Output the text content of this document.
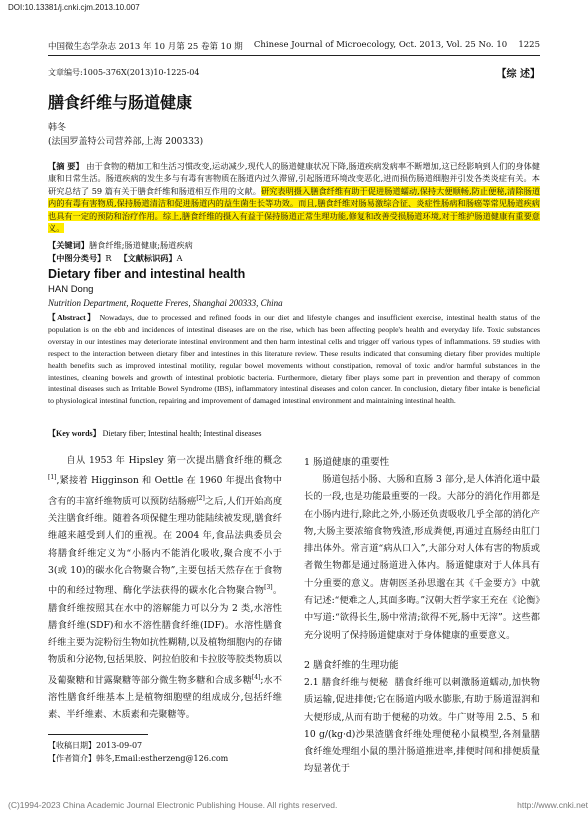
DOI:10.13381/j.cnki.cjm.2013.10.007
中国微生态学杂志 2013 年 10 月第 25 卷第 10 期 Chinese Journal of Microecology, Oct. 2013, Vol. 25 No. 10 1225
文章编号:1005-376X(2013)10-1225-04	【综 述】
膳食纤维与肠道健康
韩冬
(法国罗盖特公司营养部,上海 200333)
【摘 要】 由于食物的精加工和生活习惯改变,运动减少,现代人的肠道健康状况下降,肠道疾病发病率不断增加,这已经影响到人们的身体健康和日常生活。肠道疾病的发生多与有毒有害物质在肠道内过久滞留,引起肠道环境改变恶化,进而损伤肠道细胞并引发各类炎症有关。本研究总结了 59 篇有关于膳食纤维和肠道相互作用的文献。研究表明摄入膳食纤维有助于促进肠道蠕动,保持大便顺畅,防止便秘,清除肠道内的有毒有害物质,保持肠道清洁和促进肠道内的益生菌生长等功效。而且,膳食纤维对肠易激综合征、炎症性肠病和肠癌等常见肠道疾病也具有一定的预防和治疗作用。综上,膳食纤维的摄入有益于保持肠道正常生理功能,修复和改善受损肠道环境,对于维护肠道健康有重要意义。
【关键词】膳食纤维;肠道健康;肠道疾病
【中图分类号】R 【文献标识码】A
Dietary fiber and intestinal health
HAN Dong
Nutrition Department, Roquette Freres, Shanghai 200333, China
【Abstract】 Nowadays, due to processed and refined foods in our diet and lifestyle changes and insufficient exercise, intestinal health status of the population is on the ebb and incidences of intestinal diseases are on the rise, which has been affecting people's health and everyday life. Toxic substances overstay in our intestines may deteriorate intestinal environment and then harm intestinal cells and trigger off various types of inflammations. 59 studies with respect to the interaction between dietary fiber and intestines in this literature review. These results indicated that consuming dietary fiber provides multiple health benefits such as improved intestinal motility, regular bowel movements without constipation, removal of toxic and/or harmful substances in the intestines, cleaning bowels and growth of intestinal probiotic bacteria. Furthermore, dietary fiber plays some part in prevention and therapy of common intestinal diseases such as Irritable Bowel Syndrome (IBS), inflammatory intestinal diseases and colon cancer. In conclusion, dietary fiber intake is beneficial to physiological intestinal function, repairing and improvement of damaged intestinal environment and maintaining intestinal health.
【Key words】 Dietary fiber; Intestinal health; Intestinal diseases
自从 1953 年 Hipsley 第一次提出膳食纤维的概念[1],紧接着 Higginson 和 Oettle 在 1960 年提出食物中含有的丰富纤维物质可以预防结肠癌[2]之后,人们开始高度关注膳食纤维。随着各项保健生理功能陆续被发现,膳食纤维越来越受到人们的重视。在 2004 年,食品法典委员会将膳食纤维定义为“小肠内不能消化吸收,聚合度不小于 3(或 10)的碳水化合物聚合物”,主要包括天然存在于食物中的和经过物理、酶化学法获得的碳水化合物聚合物[3]。膳食纤维按照其在水中的溶解能力可以分为 2 类,水溶性膳食纤维(SDF)和水不溶性膳食纤维(IDF)。水溶性膳食纤维主要为淀粉衍生物如抗性糊精,以及植物细胞内的存储物质和分泌物,包括果胶、阿拉伯胶和卡拉胶等胶类物质以及葡聚糖和甘露聚糖等部分微生物多糖和合成多糖[4];水不溶性膳食纤维基本上是植物细胞壁的组成成分,包括纤维素、半纤维素、木质素和壳聚糖等。
1 肠道健康的重要性
肠道包括小肠、大肠和直肠 3 部分,是人体消化道中最长的一段,也是功能最重要的一段。大部分的消化作用都是在小肠内进行,除此之外,小肠还负责吸收几乎全部的消化产物,大肠主要浓缩食物残渣,形成粪便,再通过直肠经由肛门排出体外。常言道“病从口入”,大部分对人体有害的物质或者微生物都是通过肠道进入体内。肠道健康对于人体具有十分重要的意义。唐朝医圣孙思邈在其《千金要方》中就有记述:“便难之人,其面多晦。”汉朝大哲学家王充在《论衡》中写道:“欲得长生,肠中常清;欲得不死,肠中无滓”。这些都充分说明了保持肠道健康对于身体健康的重要意义。
2 膳食纤维的生理功能
2.1 膳食纤维与便秘 膳食纤维可以刺激肠道蠕动,加快物质运输,促进排便;它在肠道内吸水膨胀,有助于肠道湿润和大便形成,从而有助于便秘的功效。牛广财等用 2.5、5 和 10 g/(kg·d)沙果渣膳食纤维处理便秘小鼠模型,各剂量膳食纤维处理组小鼠的墨汁肠道推进率,排便时间和排便质量均显著优于
【收稿日期】2013-09-07
【作者简介】韩冬,Email:estherzeng@126.com
(C)1994-2023 China Academic Journal Electronic Publishing House. All rights reserved.	http://www.cnki.net
